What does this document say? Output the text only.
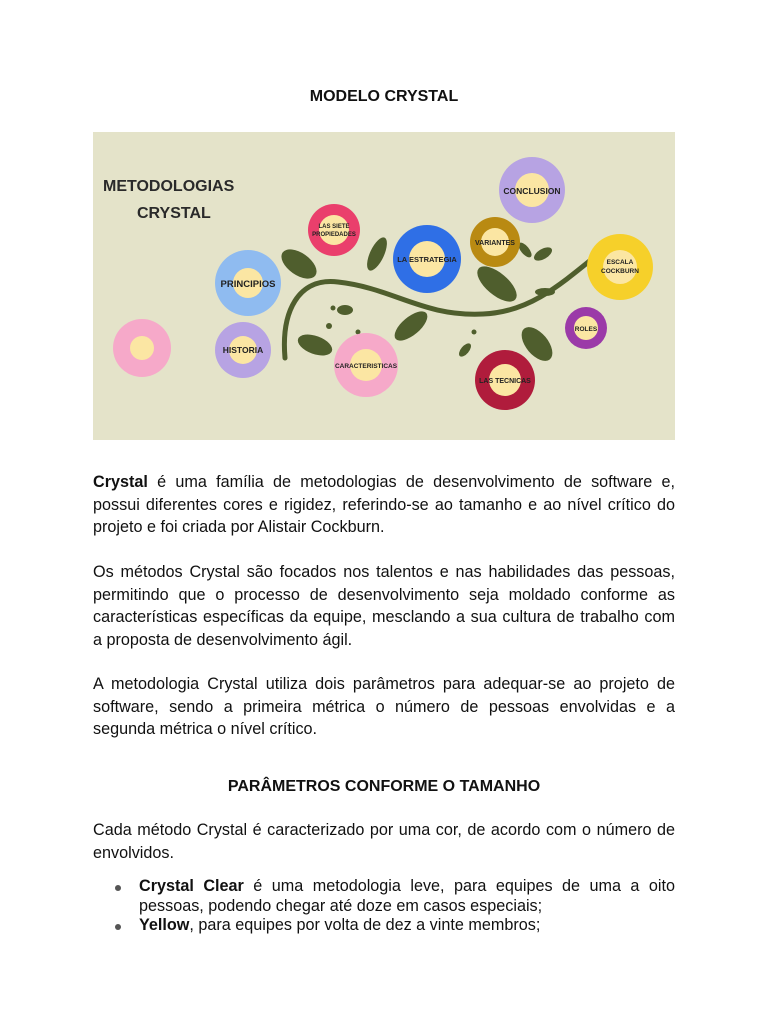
MODELO CRYSTAL
METODOLOGIAS
CRYSTAL
LAS SIETE
PROPIEDADES
PRINCIPIOS
HISTORIA
CARACTERISTICAS
LA ESTRATEGIA
VARIANTES
CONCLUSION
ESCALA
COCKBURN
ROLES
LAS TECNICAS
Crystal é uma família de metodologias de desenvolvimento de software e, possui diferentes cores e rigidez, referindo-se ao tamanho e ao nível crítico do projeto e foi criada por Alistair Cockburn.
Os métodos Crystal são focados nos talentos e nas habilidades das pessoas, permitindo que o processo de desenvolvimento seja moldado conforme as características específicas da equipe, mesclando a sua cultura de trabalho com a proposta de desenvolvimento ágil.
A metodologia Crystal utiliza dois parâmetros para adequar-se ao projeto de software, sendo a primeira métrica o número de pessoas envolvidas e a segunda métrica o nível crítico.
PARÂMETROS CONFORME O TAMANHO
Cada método Crystal é caracterizado por uma cor, de acordo com o número de envolvidos.
Crystal Clear é uma metodologia leve, para equipes de uma a oito pessoas, podendo chegar até doze em casos especiais;
Yellow, para equipes por volta de dez a vinte membros;
